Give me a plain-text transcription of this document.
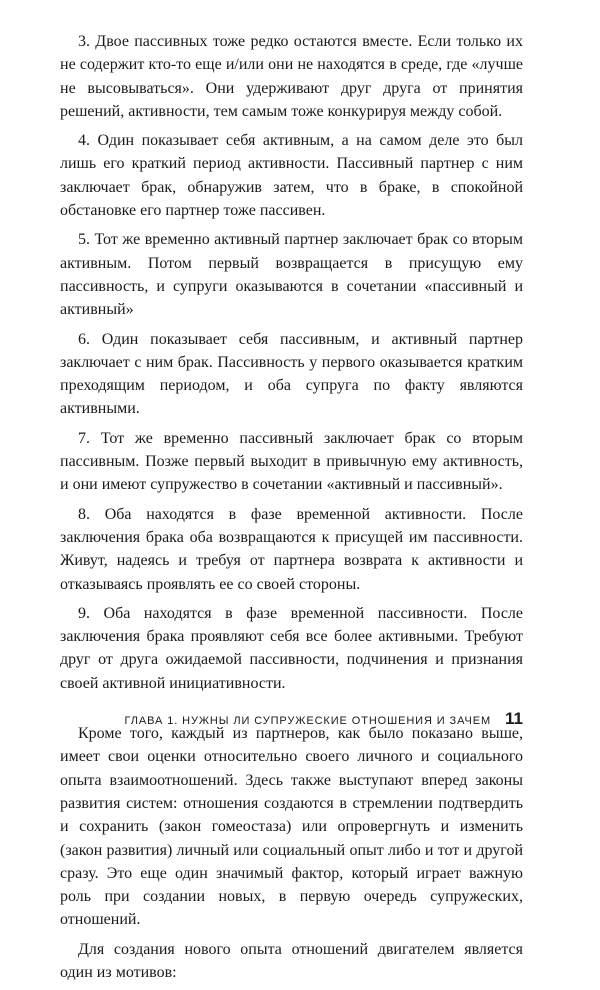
3. Двое пассивных тоже редко остаются вместе. Если только их не содержит кто-то еще и/или они не находятся в среде, где «лучше не высовываться». Они удерживают друг друга от принятия решений, активности, тем самым тоже конкурируя между собой.

4. Один показывает себя активным, а на самом деле это был лишь его краткий период активности. Пассивный партнер с ним заключает брак, обнаружив затем, что в браке, в спокойной обстановке его партнер тоже пассивен.

5. Тот же временно активный партнер заключает брак со вторым активным. Потом первый возвращается в присущую ему пассивность, и супруги оказываются в сочетании «пассивный и активный»

6. Один показывает себя пассивным, и активный партнер заключает с ним брак. Пассивность у первого оказывается кратким преходящим периодом, и оба супруга по факту являются активными.

7. Тот же временно пассивный заключает брак со вторым пассивным. Позже первый выходит в привычную ему активность, и они имеют супружество в сочетании «активный и пассивный».

8. Оба находятся в фазе временной активности. После заключения брака оба возвращаются к присущей им пассивности. Живут, надеясь и требуя от партнера возврата к активности и отказываясь проявлять ее со своей стороны.

9. Оба находятся в фазе временной пассивности. После заключения брака проявляют себя все более активными. Требуют друг от друга ожидаемой пассивности, подчинения и признания своей активной инициативности.

Кроме того, каждый из партнеров, как было показано выше, имеет свои оценки относительно своего личного и социального опыта взаимоотношений. Здесь также выступают вперед законы развития систем: отношения создаются в стремлении подтвердить и сохранить (закон гомеостаза) или опровергнуть и изменить (закон развития) личный или социальный опыт либо и тот и другой сразу. Это еще один значимый фактор, который играет важную роль при создании новых, в первую очередь супружеских, отношений.

Для создания нового опыта отношений двигателем является один из мотивов:

ГЛАВА 1. НУЖНЫ ЛИ СУПРУЖЕСКИЕ ОТНОШЕНИЯ И ЗАЧЕМ 11
